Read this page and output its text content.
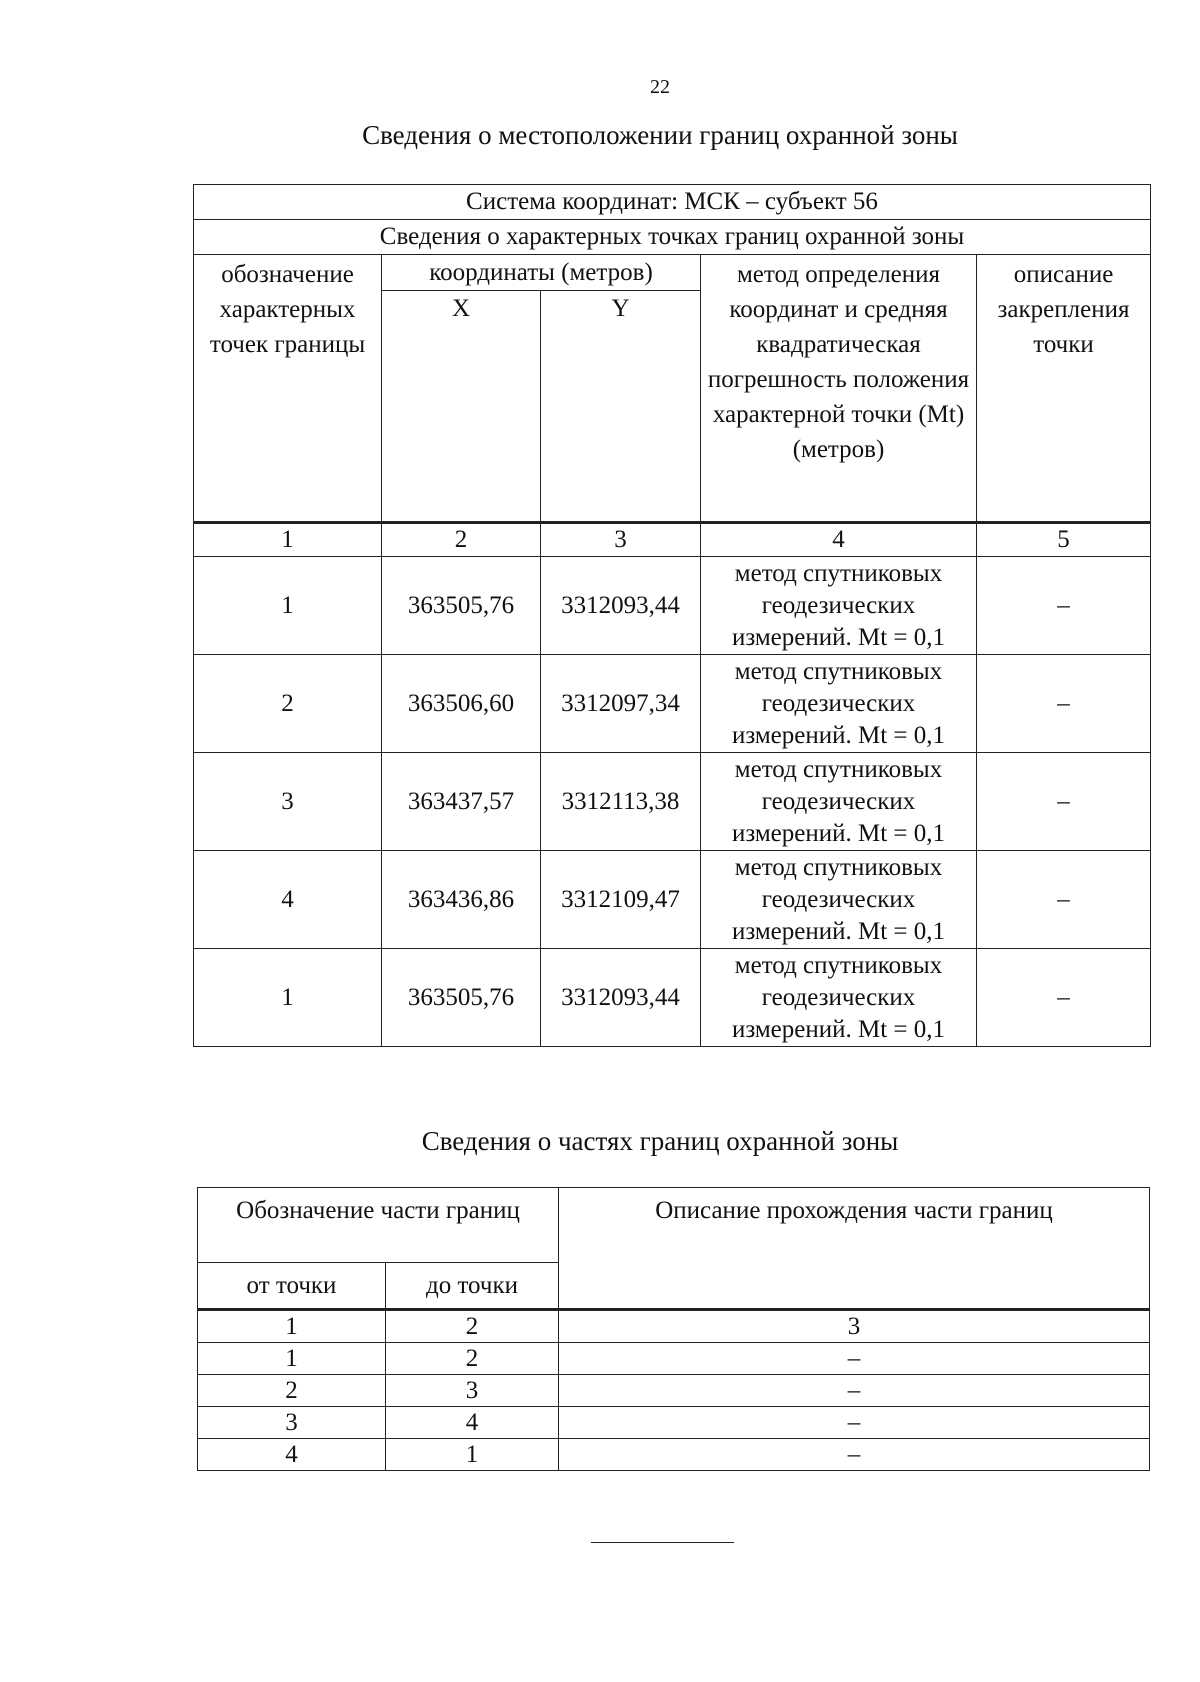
22
Сведения о местоположении границ охранной зоны
Система координат: МСК – субъект 56				
Сведения о характерных точках границ охранной зоны				
обозначение характерных точек границы	координаты (метров)		метод определения координат и средняя квадратическая погрешность положения характерной точки (Mt) (метров)	описание закрепления точки
	X	Y		
1	2	3	4	5
1	363505,76	3312093,44	метод спутниковых геодезических измерений. Mt = 0,1	–
2	363506,60	3312097,34	метод спутниковых геодезических измерений. Mt = 0,1	–
3	363437,57	3312113,38	метод спутниковых геодезических измерений. Mt = 0,1	–
4	363436,86	3312109,47	метод спутниковых геодезических измерений. Mt = 0,1	–
1	363505,76	3312093,44	метод спутниковых геодезических измерений. Mt = 0,1	–
Сведения о частях границ охранной зоны
Обозначение части границ		Описание прохождения части границ
от точки	до точки	
1	2	3
1	2	–
2	3	–
3	4	–
4	1	–
